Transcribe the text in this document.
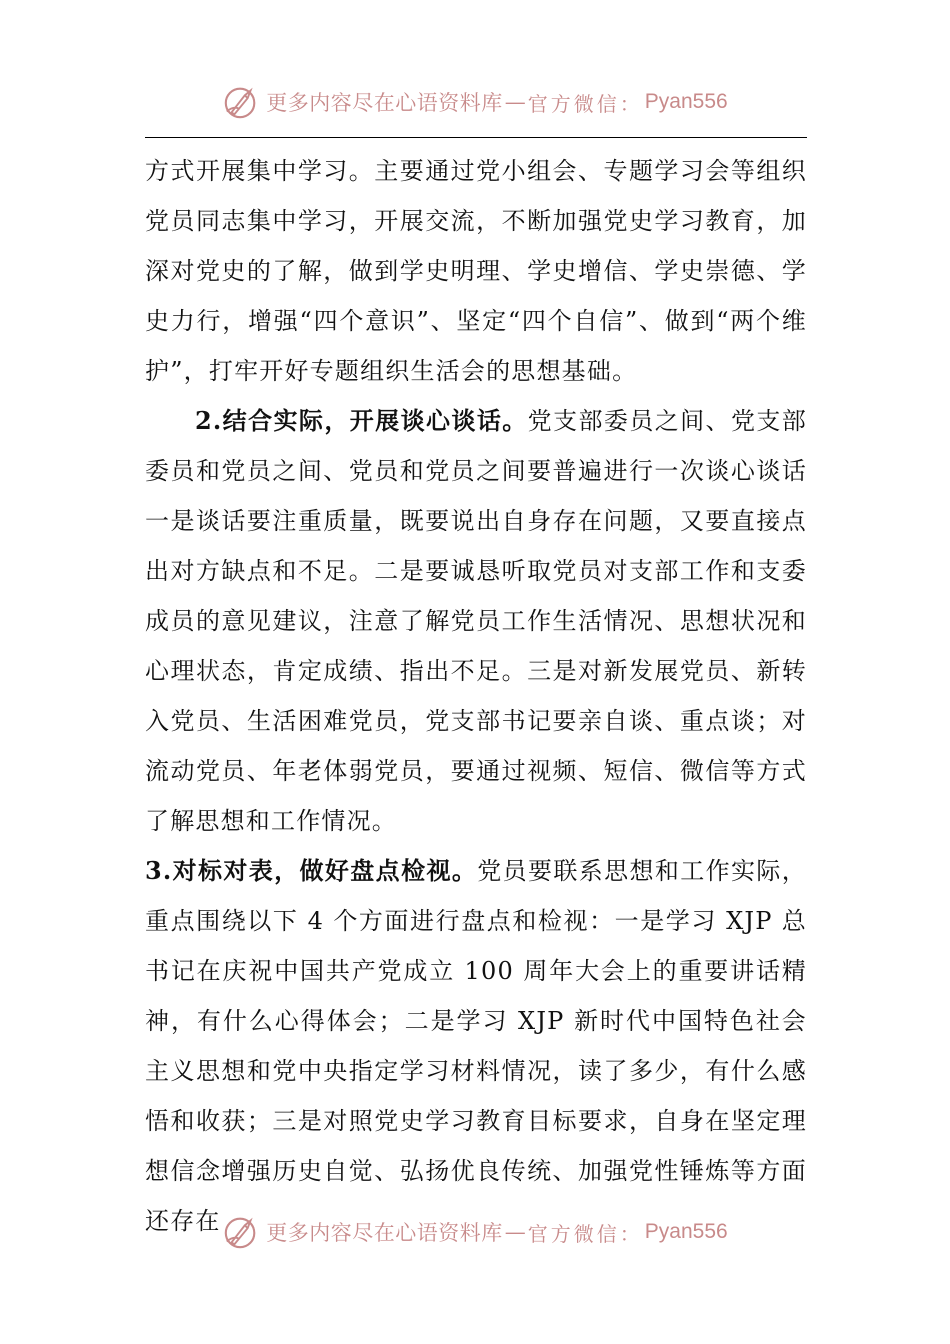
更多内容尽在心语资料库 — 官方微信： Pyan556

方式开展集中学习。主要通过党小组会、专题学习会等组织党员同志集中学习，开展交流，不断加强党史学习教育，加深对党史的了解，做到学史明理、学史增信、学史崇德、学史力行，增强“四个意识”、坚定“四个自信”、做到“两个维护”，打牢开好专题组织生活会的思想基础。

2.结合实际，开展谈心谈话。党支部委员之间、党支部委员和党员之间、党员和党员之间要普遍进行一次谈心谈话一是谈话要注重质量，既要说出自身存在问题，又要直接点出对方缺点和不足。二是要诚恳听取党员对支部工作和支委成员的意见建议，注意了解党员工作生活情况、思想状况和心理状态，肯定成绩、指出不足。三是对新发展党员、新转入党员、生活困难党员，党支部书记要亲自谈、重点谈；对流动党员、年老体弱党员，要通过视频、短信、微信等方式了解思想和工作情况。

3.对标对表，做好盘点检视。党员要联系思想和工作实际，重点围绕以下 4 个方面进行盘点和检视：一是学习 XJP 总书记在庆祝中国共产党成立 100 周年大会上的重要讲话精神，有什么心得体会；二是学习 XJP 新时代中国特色社会主义思想和党中央指定学习材料情况，读了多少，有什么感悟和收获；三是对照党史学习教育目标要求，自身在坚定理想信念增强历史自觉、弘扬优良传统、加强党性锤炼等方面还存在	更多内容尽在心语资料库 — 官方微信： Pyan556
